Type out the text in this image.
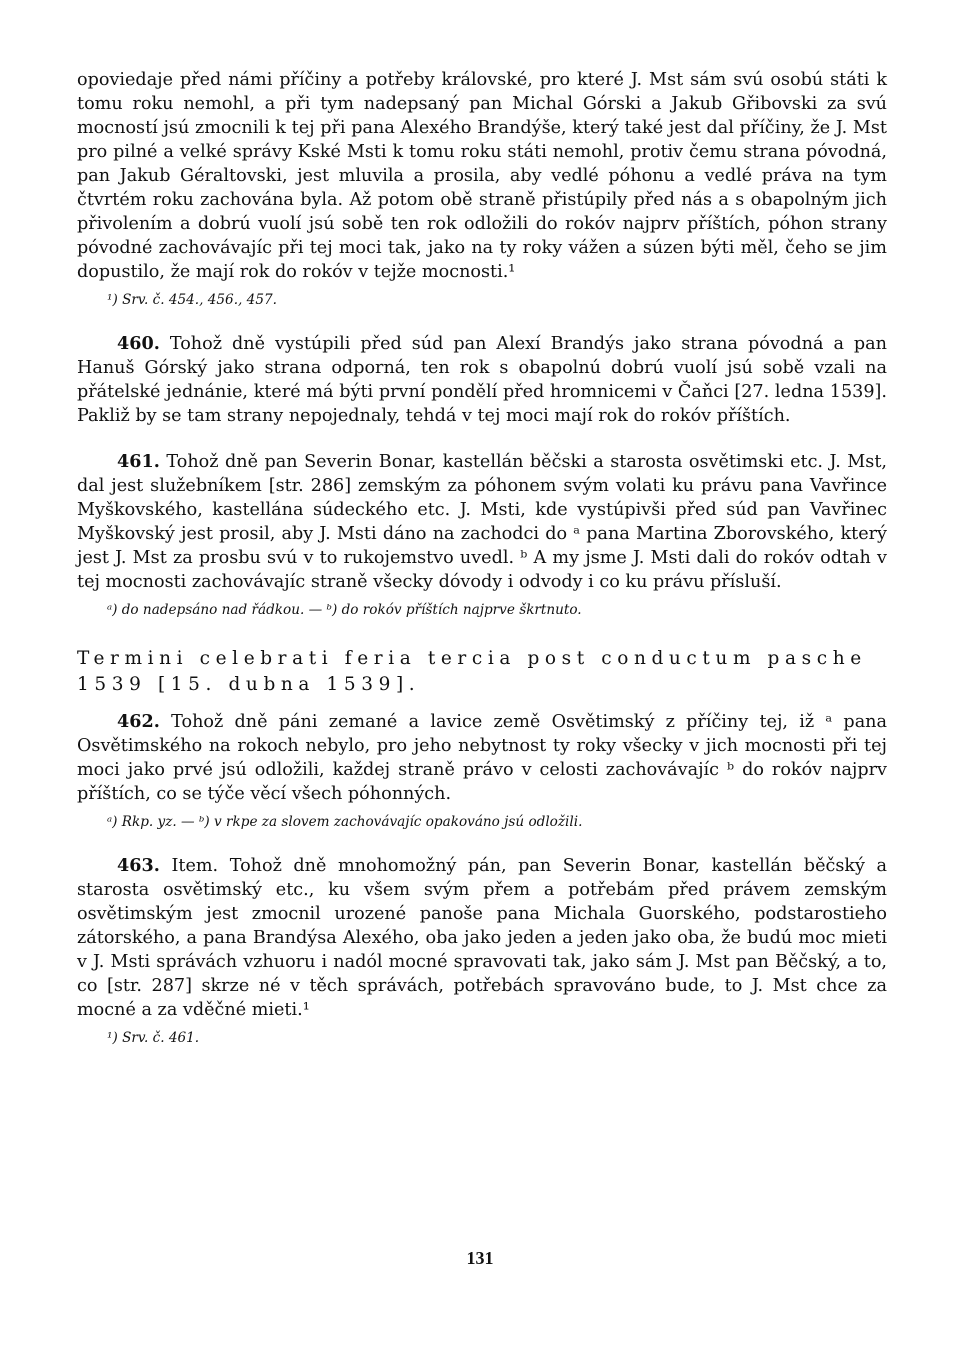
opoviedaje před námi příčiny a potřeby královské, pro které J. Mst sám svú osobú státi k tomu roku nemohl, a při tym nadepsaný pan Michal Górski a Jakub Gřibovski za svú mocností jsú zmocnili k tej při pana Alexého Brandýše, který také jest dal příčiny, že J. Mst pro pilné a velké správy Kské Msti k tomu roku státi nemohl, protiv čemu strana póvodná, pan Jakub Géraltovski, jest mluvila a prosila, aby vedlé póhonu a vedlé práva na tym čtvrtém roku zachována byla. Až potom obě straně přistúpily před nás a s obapolným jich přivolením a dobrú vuolí jsú sobě ten rok odložili do rokóv najprv příštích, póhon strany póvodné zachovávajíc při tej moci tak, jako na ty roky vážen a súzen býti měl, čeho se jim dopustilo, že mají rok do rokóv v tejže mocnosti.¹

¹) Srv. č. 454., 456., 457.

460. Tohož dně vystúpili před súd pan Alexí Brandýs jako strana póvodná a pan Hanuš Górský jako strana odporná, ten rok s obapolnú dobrú vuolí jsú sobě vzali na přátelské jednánie, které má býti první pondělí před hromnicemi v Čaňci [27. ledna 1539]. Pakliž by se tam strany nepojednaly, tehdá v tej moci mají rok do rokóv příštích.

461. Tohož dně pan Severin Bonar, kastellán běčski a starosta osvětimski etc. J. Mst, dal jest služebníkem [str. 286] zemským za póhonem svým volati ku právu pana Vavřince Myškovského, kastellána súdeckého etc. J. Msti, kde vystúpivši před súd pan Vavřinec Myškovský jest prosil, aby J. Msti dáno na zachodci do ᵃ pana Martina Zborovského, který jest J. Mst za prosbu svú v to rukojemstvo uvedl. ᵇ A my jsme J. Msti dali do rokóv odtah v tej mocnosti zachovávajíc straně všecky dóvody i odvody i co ku právu přísluší.

ᵃ) do nadepsáno nad řádkou. — ᵇ) do rokóv příštích najprve škrtnuto.

Termini celebrati feria tercia post conductum pasche 1539 [15. dubna 1539].

462. Tohož dně páni zemané a lavice země Osvětimský z příčiny tej, iž ᵃ pana Osvětimského na rokoch nebylo, pro jeho nebytnost ty roky všecky v jich mocnosti při tej moci jako prvé jsú odložili, každej straně právo v celosti zachovávajíc ᵇ do rokóv najprv příštích, co se týče věcí všech póhonných.

ᵃ) Rkp. yz. — ᵇ) v rkpe za slovem zachovávajíc opakováno jsú odložili.

463. Item. Tohož dně mnohomožný pán, pan Severin Bonar, kastellán běčský a starosta osvětimský etc., ku všem svým přem a potřebám před právem zemským osvětimským jest zmocnil urozené panoše pana Michala Guorského, podstarostieho zátorského, a pana Brandýsa Alexého, oba jako jeden a jeden jako oba, že budú moc mieti v J. Msti správách vzhuoru i nadól mocné spravovati tak, jako sám J. Mst pan Běčský, a to, co [str. 287] skrze né v těch správách, potřebách spravováno bude, to J. Mst chce za mocné a za vděčné mieti.¹

¹) Srv. č. 461.

131
